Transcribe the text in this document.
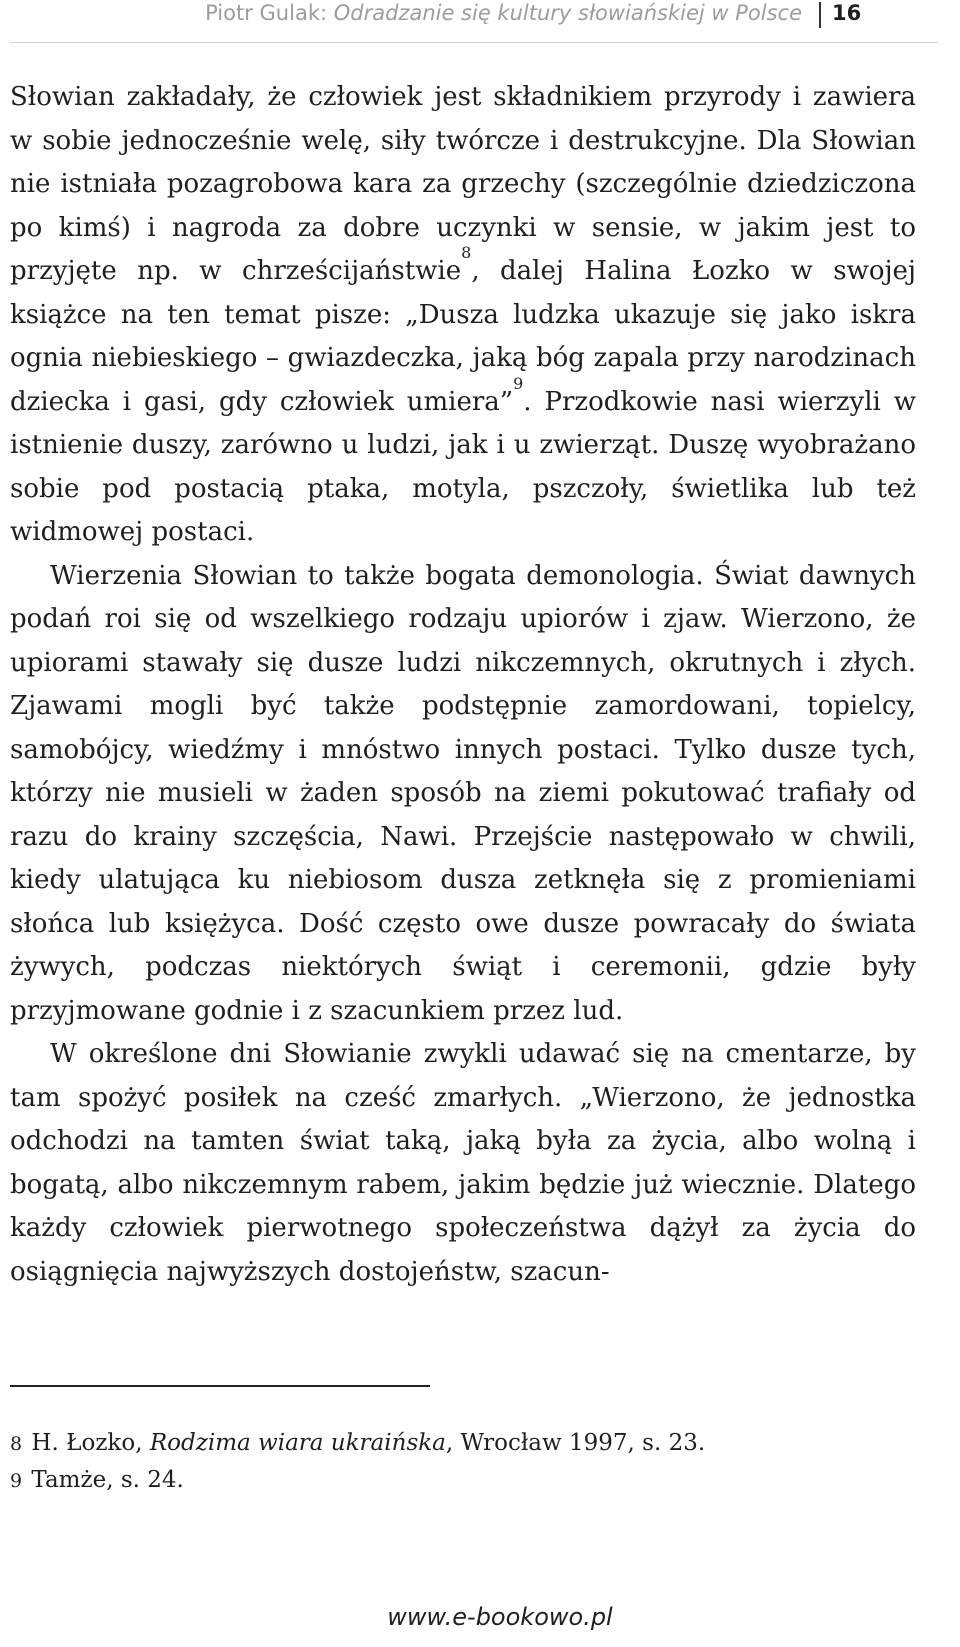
Piotr Gulak: Odradzanie się kultury słowiańskiej w Polsce 16

Słowian zakładały, że człowiek jest składnikiem przyrody i zawiera w sobie jednocześnie welę, siły twórcze i destrukcyjne. Dla Słowian nie istniała pozagrobowa kara za grzechy (szczególnie dziedziczona po kimś) i nagroda za dobre uczynki w sensie, w jakim jest to przyjęte np. w chrześcijaństwie$^8$, dalej Halina Łozko w swojej książce na ten temat pisze: „Dusza ludzka ukazuje się jako iskra ognia niebieskiego – gwiazdeczka, jaką bóg zapala przy narodzinach dziecka i gasi, gdy człowiek umiera”$^9$. Przodkowie nasi wierzyli w istnienie duszy, zarówno u ludzi, jak i u zwierząt. Duszę wyobrażano sobie pod postacią ptaka, motyla, pszczoły, świetlika lub też widmowej postaci.

Wierzenia Słowian to także bogata demonologia. Świat dawnych podań roi się od wszelkiego rodzaju upiorów i zjaw. Wierzono, że upiorami stawały się dusze ludzi nikczemnych, okrutnych i złych. Zjawami mogli być także podstępnie zamordowani, topielcy, samobójcy, wiedźmy i mnóstwo innych postaci. Tylko dusze tych, którzy nie musieli w żaden sposób na ziemi pokutować trafiały od razu do krainy szczęścia, Nawi. Przejście następowało w chwili, kiedy ulatująca ku niebiosom dusza zetknęła się z promieniami słońca lub księżyca. Dość często owe dusze powracały do świata żywych, podczas niektórych świąt i ceremonii, gdzie były przyjmowane godnie i z szacunkiem przez lud.

W określone dni Słowianie zwykli udawać się na cmentarze, by tam spożyć posiłek na cześć zmarłych. „Wierzono, że jednostka odchodzi na tamten świat taką, jaką była za życia, albo wolną i bogatą, albo nikczemnym rabem, jakim będzie już wiecznie. Dlatego każdy człowiek pierwotnego społeczeństwa dążył za życia do osiągnięcia najwyższych dostojeństw, szacun-

8 H. Łozko, Rodzima wiara ukraińska, Wrocław 1997, s. 23.
9 Tamże, s. 24.
www.e-bookowo.pl
